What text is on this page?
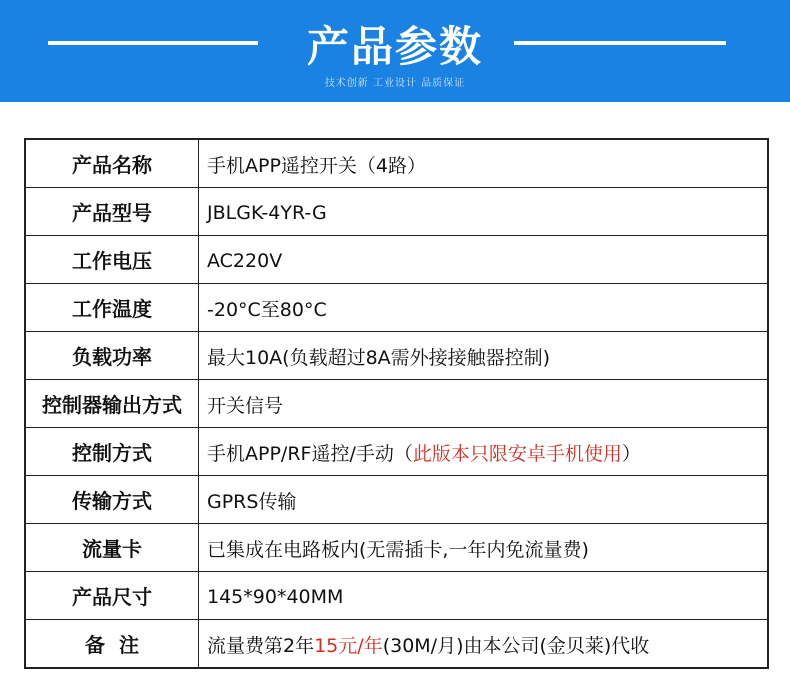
产品参数
技术创新 工业设计 品质保证
产品名称	手机APP遥控开关（4路）
产品型号	JBLGK-4YR-G
工作电压	AC220V
工作温度	-20°C至80°C
负载功率	最大10A(负载超过8A需外接接触器控制)
控制器输出方式	开关信号
控制方式	手机APP/RF遥控/手动（此版本只限安卓手机使用）
传输方式	GPRS传输
流量卡	已集成在电路板内(无需插卡,一年内免流量费)
产品尺寸	145*90*40MM
备  注	流量费第2年15元/年(30M/月)由本公司(金贝莱)代收
